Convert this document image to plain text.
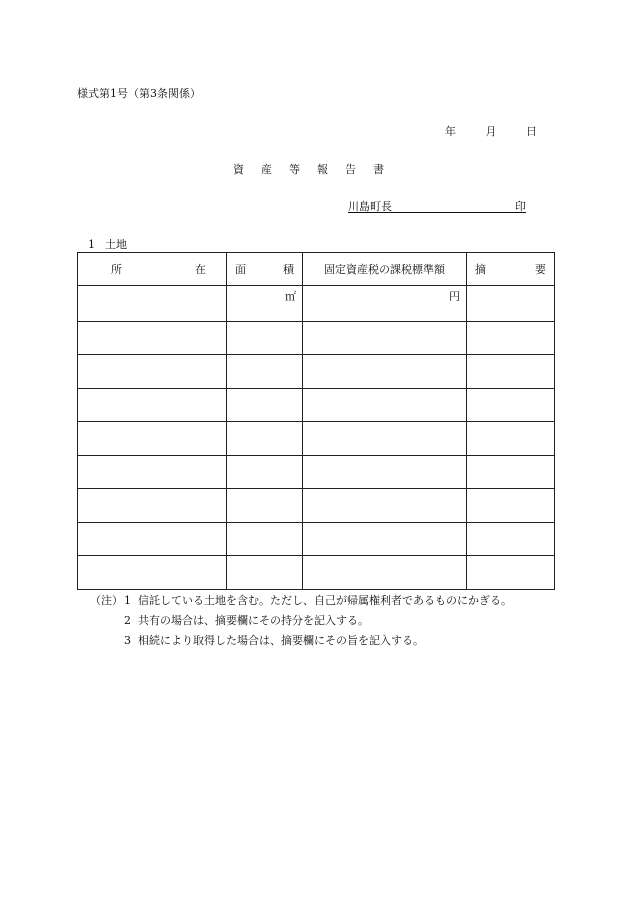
様式第1号（第3条関係）
年	月	日
資 産 等 報 告 書
川島町長	印
1 土地
所 在	面 積	固定資産税の課税標準額	摘 要

	㎡	円	

（注） 1 信託している土地を含む。ただし、自己が帰属権利者であるものにかぎる。
2 共有の場合は、摘要欄にその持分を記入する。
3 相続により取得した場合は、摘要欄にその旨を記入する。
